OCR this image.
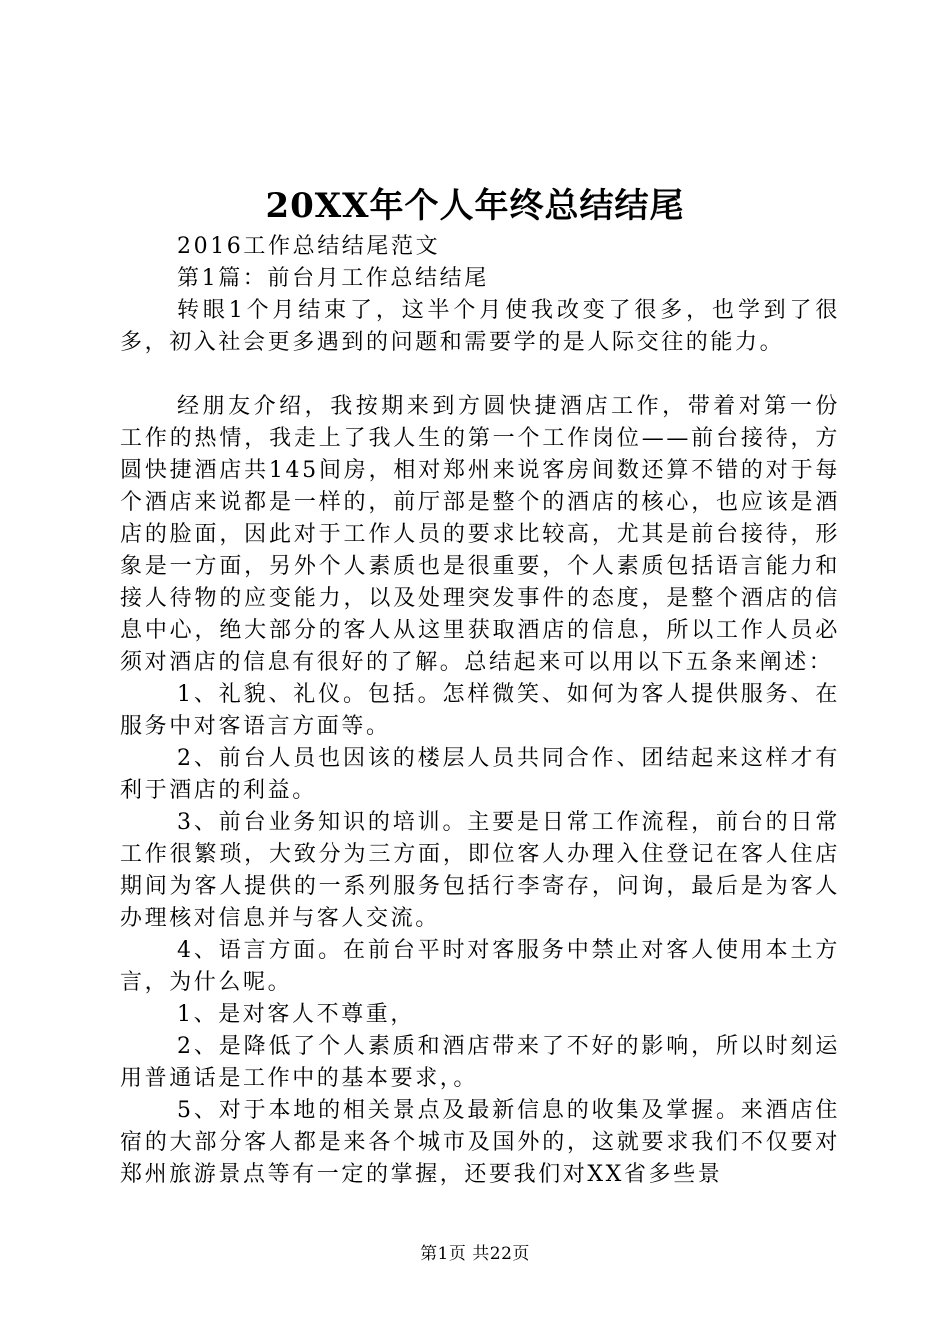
20XX年个人年终总结结尾

2016工作总结结尾范文

第1篇：前台月工作总结结尾

转眼1个月结束了，这半个月使我改变了很多，也学到了很多，初入社会更多遇到的问题和需要学的是人际交往的能力。

经朋友介绍，我按期来到方圆快捷酒店工作，带着对第一份工作的热情，我走上了我人生的第一个工作岗位——前台接待，方圆快捷酒店共145间房，相对郑州来说客房间数还算不错的对于每个酒店来说都是一样的，前厅部是整个的酒店的核心，也应该是酒店的脸面，因此对于工作人员的要求比较高，尤其是前台接待，形象是一方面，另外个人素质也是很重要，个人素质包括语言能力和接人待物的应变能力，以及处理突发事件的态度，是整个酒店的信息中心，绝大部分的客人从这里获取酒店的信息，所以工作人员必须对酒店的信息有很好的了解。总结起来可以用以下五条来阐述：

1、礼貌、礼仪。包括。怎样微笑、如何为客人提供服务、在服务中对客语言方面等。

2、前台人员也因该的楼层人员共同合作、团结起来这样才有利于酒店的利益。

3、前台业务知识的培训。主要是日常工作流程，前台的日常工作很繁琐，大致分为三方面，即位客人办理入住登记在客人住店期间为客人提供的一系列服务包括行李寄存，问询，最后是为客人办理核对信息并与客人交流。

4、语言方面。在前台平时对客服务中禁止对客人使用本土方言，为什么呢。

1、是对客人不尊重，

2、是降低了个人素质和酒店带来了不好的影响，所以时刻运用普通话是工作中的基本要求，。

5、对于本地的相关景点及最新信息的收集及掌握。来酒店住宿的大部分客人都是来各个城市及国外的，这就要求我们不仅要对郑州旅游景点等有一定的掌握，还要我们对XX省多些景

第1页 共22页
